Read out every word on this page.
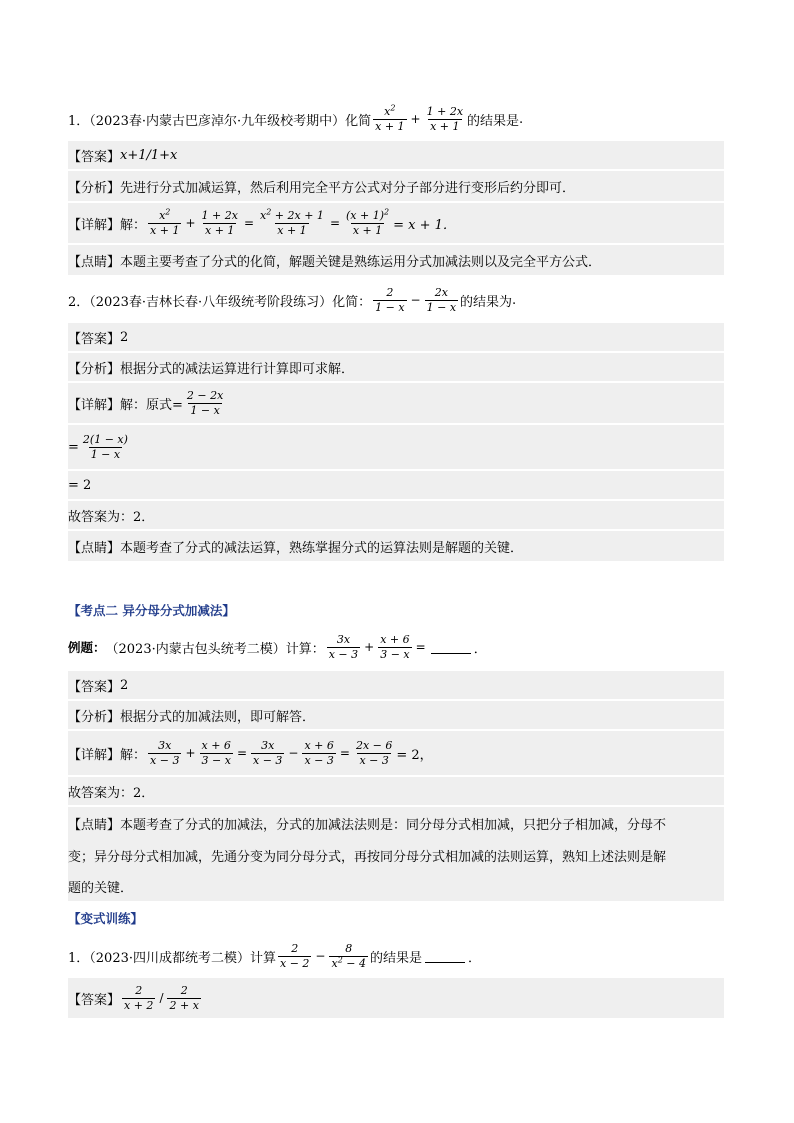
1．（2023春·内蒙古巴彦淖尔·九年级校考期中）化简 $\frac{x^2}{x + 1} + \frac{1 + 2x}{x + 1}$ 的结果是 .
【答案】 x+1/1+x
【分析】 先进行分式加减运算，然后利用完全平方公式对分子部分进行变形后约分即可．
【详解】 解： $\frac{x^2}{x + 1} + \frac{1 + 2x}{x + 1} = \frac{x^2 + 2x + 1}{x + 1} = \frac{(x + 1)^2}{x + 1} = x + 1$．
【点睛】 本题主要考查了分式的化简，解题关键是熟练运用分式加减法则以及完全平方公式．
2．（2023春·吉林长春·八年级统考阶段练习）化简： $\frac{2}{1 - x} - \frac{2x}{1 - x}$ 的结果为 .
【答案】 2
【分析】 根据分式的减法运算进行计算即可求解．
【详解】 解：原式= $\frac{2 - 2x}{1 - x}$
= $\frac{2(1 - x)}{1 - x}$
= 2
故答案为：2．
【点睛】 本题考查了分式的减法运算，熟练掌握分式的运算法则是解题的关键．
【考点二 异分母分式加减法】
例题： （2023·内蒙古包头统考二模）计算： $\frac{3x}{x - 3} + \frac{x + 6}{3 - x}$ =	．
【答案】 2
【分析】 根据分式的加减法则，即可解答．
【详解】 解： $\frac{3x}{x - 3} + \frac{x + 6}{3 - x} = \frac{3x}{x - 3} - \frac{x + 6}{x - 3} = \frac{2x - 6}{x - 3} = 2$，
故答案为：2．
【点睛】 本题考查了分式的加减法，分式的加减法法则是：同分母分式相加减，只把分子相加减，分母不
变；异分母分式相加减，先通分变为同分母分式，再按同分母分式相加减的法则运算，熟知上述法则是解
题的关键．
【变式训练】
1．（2023·四川成都统考二模）计算 $\frac{2}{x - 2} - \frac{8}{x^2 - 4}$ 的结果是	．
【答案】 $\frac{2}{x + 2} / \frac{2}{2 + x}$
